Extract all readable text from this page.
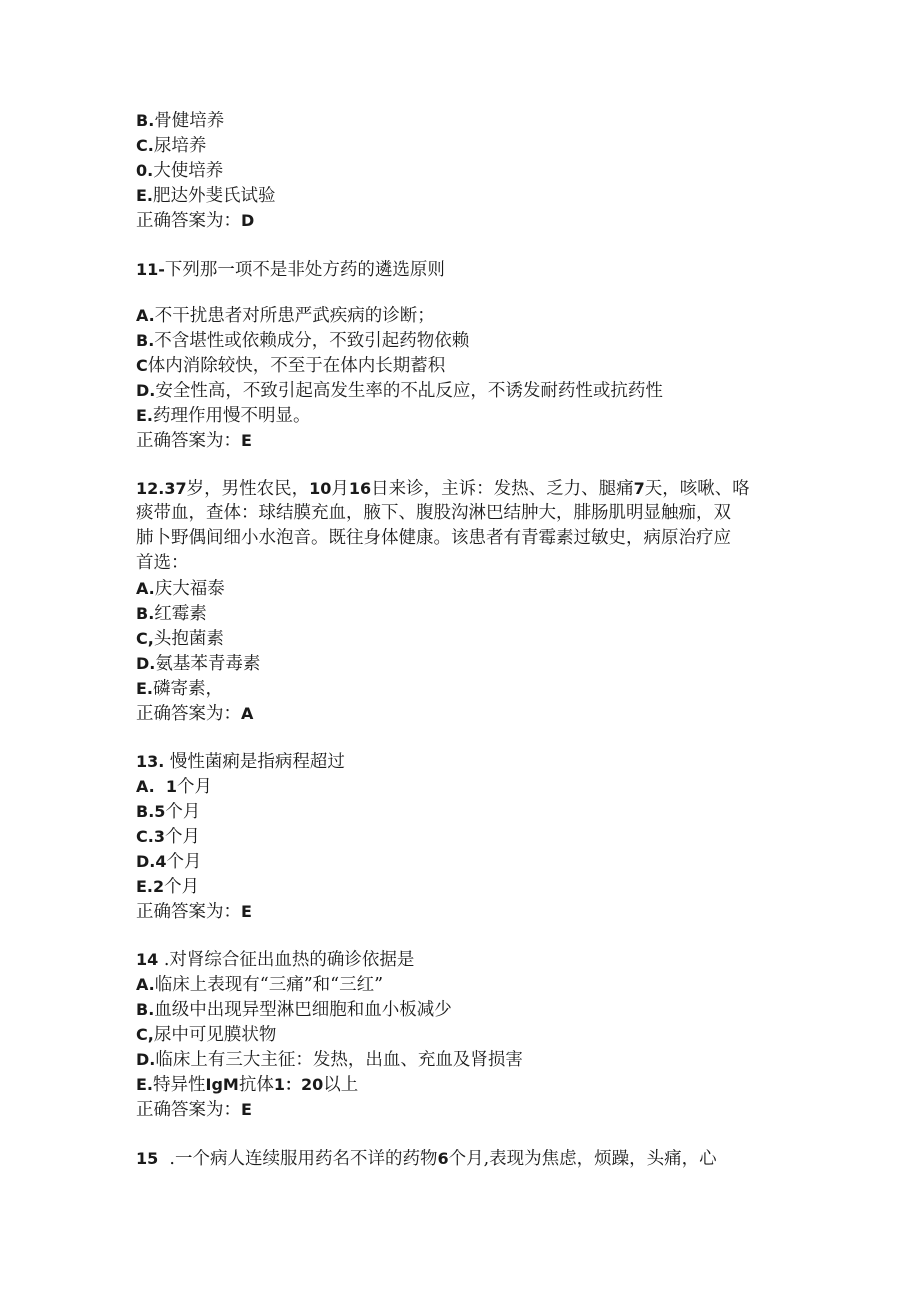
B.骨健培养
C.尿培养
0.大使培养
E.肥达外斐氏试验
正确答案为：D
11-下列那一项不是非处方药的遴选原则
A.不干扰患者对所患严武疾病的诊断；
B.不含堪性或依赖成分，不致引起药物依赖
C体内消除较快，不至于在体内长期蓄积
D.安全性高，不致引起高发生率的不乩反应，不诱发耐药性或抗药性
E.药理作用慢不明显。
正确答案为：E
12.37岁，男性农民，10月16日来诊，主诉：发热、乏力、腿痛7天，咳啾、咯
痰带血，查体：球结膜充血，腋下、腹股沟淋巴结肿大，腓肠肌明显触痂，双
肺卜野偶间细小水泡音。既往身体健康。该患者有青霉素过敏史，病原治疗应
首选：
A.庆大福泰
B.红霉素
C,头抱菌素
D.氨基苯青毒素
E.磷寄素，
正确答案为：A
13. 慢性菌痢是指病程超过
A. 1个月
B.5个月
C.3个月
D.4个月
E.2个月
正确答案为：E
14 .对肾综合征出血热的确诊依据是
A.临床上表现有“三痛”和“三红”
B.血级中出现异型淋巴细胞和血小板减少
C,尿中可见膜状物
D.临床上有三大主征：发热，出血、充血及肾损害
E.特异性IgM抗体1：20以上
正确答案为：E
15 .一个病人连续服用药名不详的药物6个月,表现为焦虑，烦躁，头痛，心
